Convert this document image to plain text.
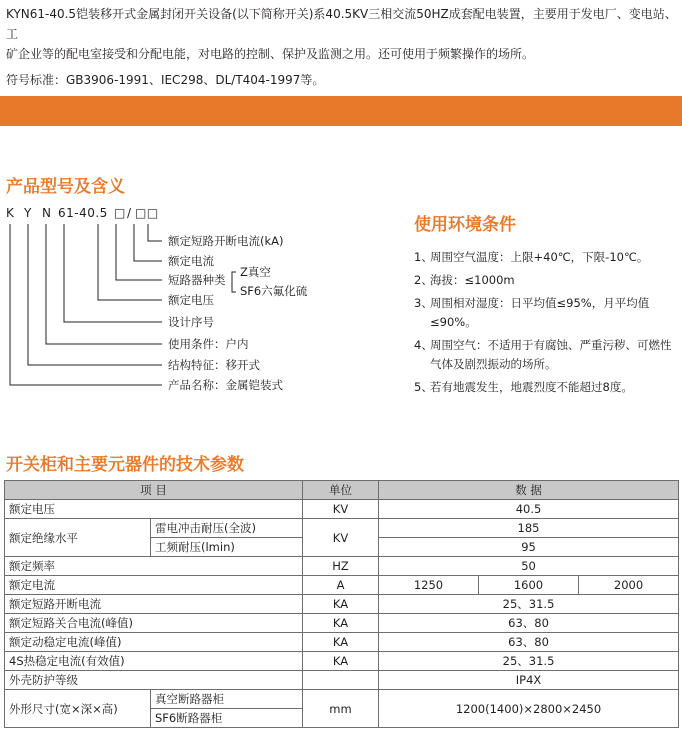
KYN61-40.5铠装移开式金属封闭开关设备(以下简称开关)系40.5KV三相交流50HZ成套配电装置，主要用于发电厂、变电站、工

矿企业等的配电室接受和分配电能，对电路的控制、保护及监测之用。还可使用于频繁操作的场所。

符号标准：GB3906-1991、IEC298、DL/T404-1997等。

产品型号及含义
K Y N 61-40.5 □/ □□
额定短路开断电流(kA)
额定电流
短路器种类
Z真空
SF6六氟化硫
额定电压
设计序号
使用条件：户内
结构特征：移开式
产品名称：金属铠装式
使用环境条件
1、
周围空气温度：上限+40℃，下限-10℃。
2、
海拔：≤1000m
3、
周围相对湿度：日平均值≤95%，月平均值≤90%。
4、
周围空气：不适用于有腐蚀、严重污秽、可燃性气体及剧烈振动的场所。
5、
若有地震发生，地震烈度不能超过8度。
开关柜和主要元器件的技术参数
项 目		单位	数 据		
额定电压		KV	40.5		
额定绝缘水平	雷电冲击耐压(全波)	KV	185		
	工频耐压(lmin)		95		
额定频率		HZ	50		
额定电流		A	1250	1600	2000
额定短路开断电流		KA	25、31.5		
额定短路关合电流(峰值)		KA	63、80		
额定动稳定电流(峰值)		KA	63、80		
4S热稳定电流(有效值)		KA	25、31.5		
外壳防护等级			IP4X		
外形尺寸(宽×深×高)	真空断路器柜	mm	1200(1400)×2800×2450		
	SF6断路器柜				
